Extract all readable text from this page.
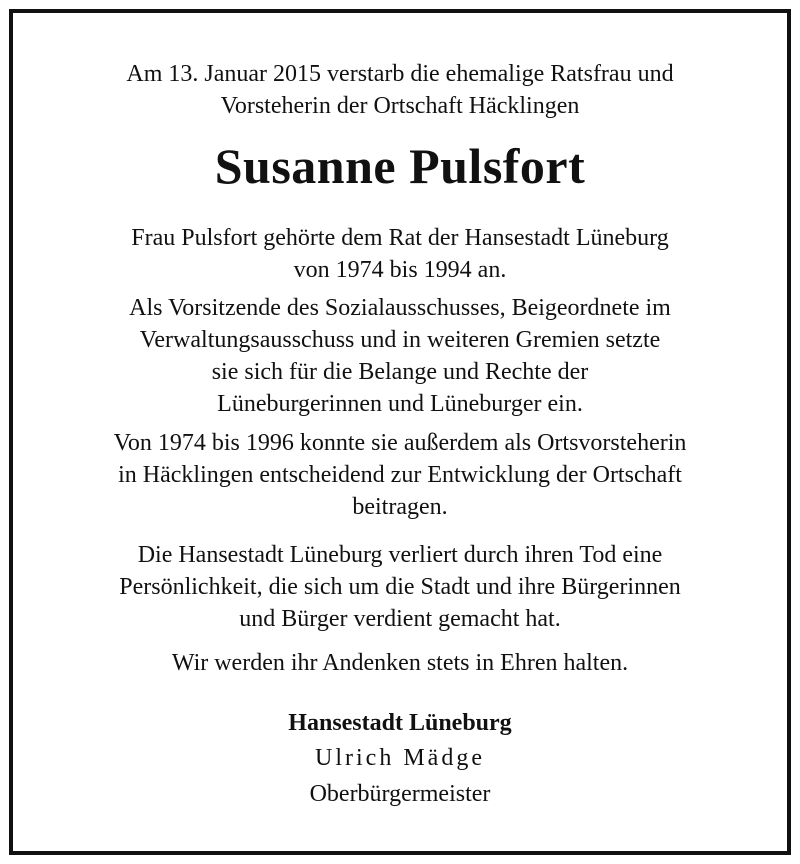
Am 13. Januar 2015 verstarb die ehemalige Ratsfrau und
Vorsteherin der Ortschaft Häcklingen
Susanne Pulsfort
Frau Pulsfort gehörte dem Rat der Hansestadt Lüneburg
von 1974 bis 1994 an.
Als Vorsitzende des Sozialausschusses, Beigeordnete im
Verwaltungsausschuss und in weiteren Gremien setzte
sie sich für die Belange und Rechte der
Lüneburgerinnen und Lüneburger ein.
Von 1974 bis 1996 konnte sie außerdem als Ortsvorsteherin
in Häcklingen entscheidend zur Entwicklung der Ortschaft
beitragen.
Die Hansestadt Lüneburg verliert durch ihren Tod eine
Persönlichkeit, die sich um die Stadt und ihre Bürgerinnen
und Bürger verdient gemacht hat.
Wir werden ihr Andenken stets in Ehren halten.
Hansestadt Lüneburg
Ulrich Mädge
Oberbürgermeister
